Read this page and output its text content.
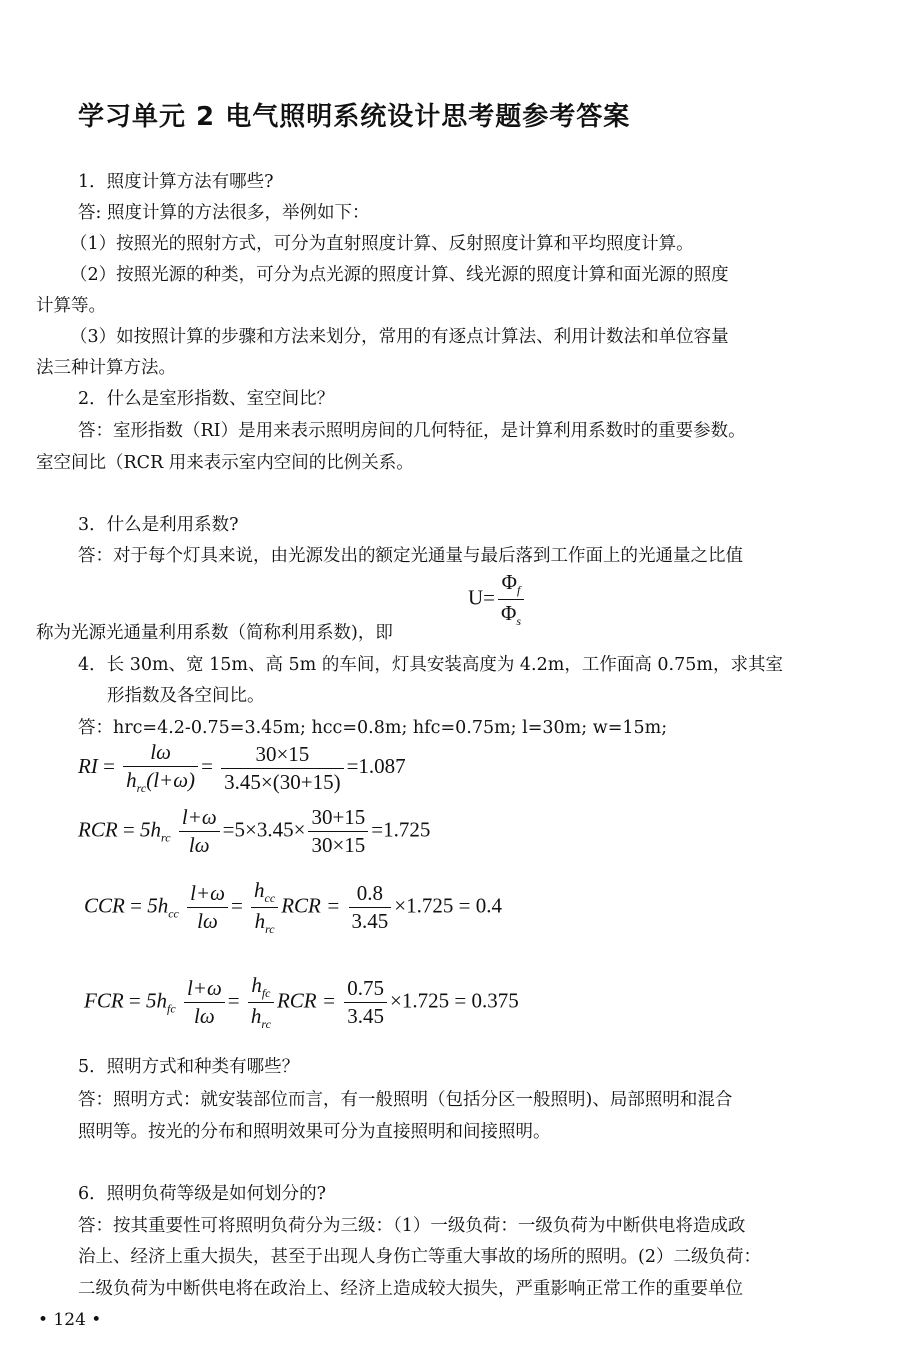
学习单元 2 电气照明系统设计思考题参考答案
1．照度计算方法有哪些?
答: 照度计算的方法很多，举例如下：
（1）按照光的照射方式，可分为直射照度计算、反射照度计算和平均照度计算。
（2）按照光源的种类，可分为点光源的照度计算、线光源的照度计算和面光源的照度
计算等。
（3）如按照计算的步骤和方法来划分，常用的有逐点计算法、利用计数法和单位容量
法三种计算方法。
2．什么是室形指数、室空间比？
答：室形指数（RI）是用来表示照明房间的几何特征，是计算利用系数时的重要参数。
室空间比（RCR 用来表示室内空间的比例关系。
3．什么是利用系数?
答：对于每个灯具来说，由光源发出的额定光通量与最后落到工作面上的光通量之比值
$U= \frac{\Phi_f}{\Phi_s}$
称为光源光通量利用系数（简称利用系数)，即
4．长 30m、宽 15m、高 5m 的车间，灯具安装高度为 4.2m，工作面高 0.75m，求其室
形指数及各空间比。
答：hrc=4.2-0.75=3.45m; hcc=0.8m; hfc=0.75m; l=30m; w=15m;
RI = $\frac{l\omega}{h_{rc}(l+\omega)} = \frac{30\times 15}{3.45\times(30+15)} =1.087$
RCR = $5h_{rc} \frac{l+\omega}{l\omega} =5\times 3.45\times \frac{30+15}{30\times 15} =1.725$
CCR = $5h_{cc} \frac{l+\omega}{l\omega} = \frac{h_{cc}}{h_{rc}}$ RCR = $\frac{0.8}{3.45} \times 1.725 = 0.4$
FCR = $5h_{fc} \frac{l+\omega}{l\omega} = \frac{h_{fc}}{h_{rc}}$ RCR = $\frac{0.75}{3.45} \times 1.725 = 0.375$
5．照明方式和种类有哪些？
答：照明方式：就安装部位而言，有一般照明（包括分区一般照明)、局部照明和混合
照明等。按光的分布和照明效果可分为直接照明和间接照明。
6．照明负荷等级是如何划分的?
答：按其重要性可将照明负荷分为三级：（1）一级负荷：一级负荷为中断供电将造成政
治上、经济上重大损失，甚至于出现人身伤亡等重大事故的场所的照明。(2）二级负荷：
二级负荷为中断供电将在政治上、经济上造成较大损失，严重影响正常工作的重要单位
• 124 •
